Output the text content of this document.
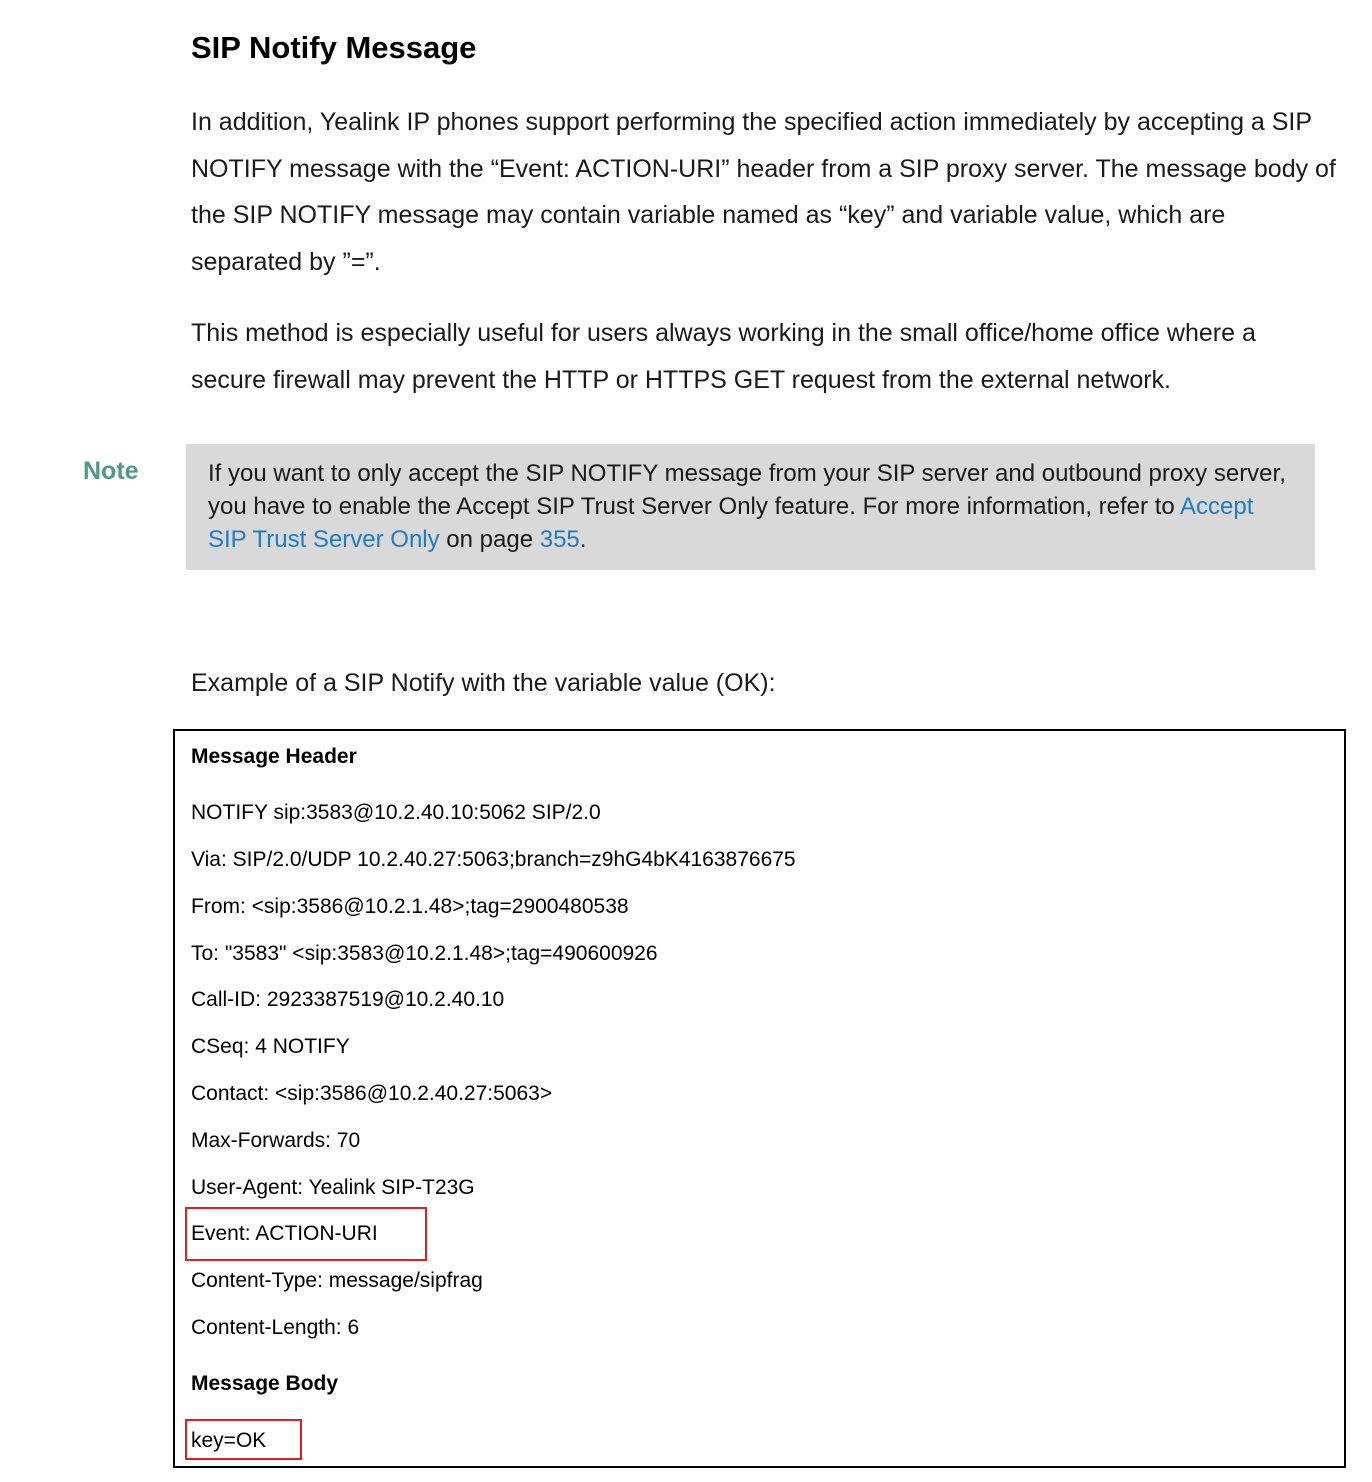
SIP Notify Message

In addition, Yealink IP phones support performing the specified action immediately by accepting a SIP NOTIFY message with the “Event: ACTION-URI” header from a SIP proxy server. The message body of the SIP NOTIFY message may contain variable named as “key” and variable value, which are separated by ”=”.

This method is especially useful for users always working in the small office/home office where a secure firewall may prevent the HTTP or HTTPS GET request from the external network.

Note	If you want to only accept the SIP NOTIFY message from your SIP server and outbound proxy server, you have to enable the Accept SIP Trust Server Only feature. For more information, refer to Accept SIP Trust Server Only on page 355.

Example of a SIP Notify with the variable value (OK):

Message Header
NOTIFY sip:3583@10.2.40.10:5062 SIP/2.0
Via: SIP/2.0/UDP 10.2.40.27:5063;branch=z9hG4bK4163876675
From: <sip:3586@10.2.1.48>;tag=2900480538
To: "3583" <sip:3583@10.2.1.48>;tag=490600926
Call-ID: 2923387519@10.2.40.10
CSeq: 4 NOTIFY
Contact: <sip:3586@10.2.40.27:5063>
Max-Forwards: 70
User-Agent: Yealink SIP-T23G
Event: ACTION-URI
Content-Type: message/sipfrag
Content-Length: 6
Message Body
key=OK
